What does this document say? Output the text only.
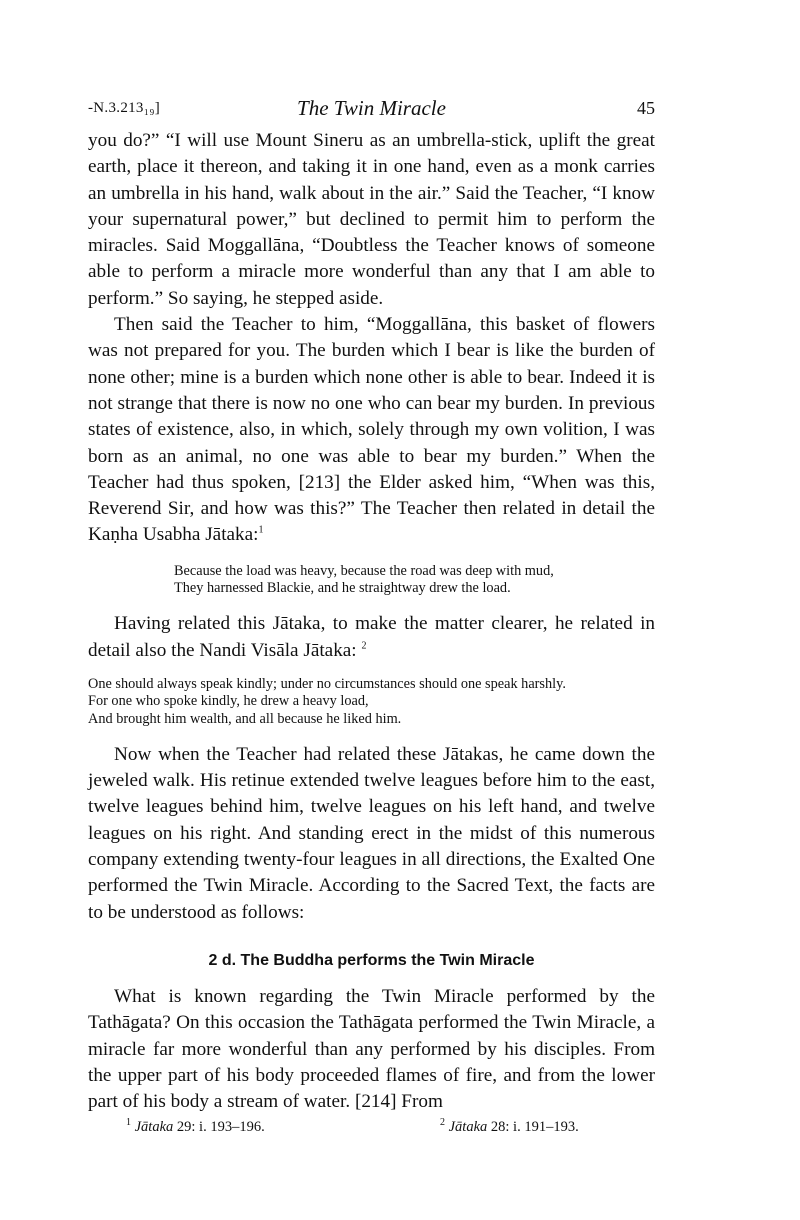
-N.3.213₁₉]	The Twin Miracle	45

you do?” “I will use Mount Sineru as an umbrella-stick, uplift the great earth, place it thereon, and taking it in one hand, even as a monk carries an umbrella in his hand, walk about in the air.” Said the Teacher, “I know your supernatural power,” but declined to permit him to perform the miracles. Said Moggallāna, “Doubtless the Teacher knows of someone able to perform a miracle more wonderful than any that I am able to perform.” So saying, he stepped aside.

Then said the Teacher to him, “Moggallāna, this basket of flowers was not prepared for you. The burden which I bear is like the burden of none other; mine is a burden which none other is able to bear. Indeed it is not strange that there is now no one who can bear my burden. In previous states of existence, also, in which, solely through my own volition, I was born as an animal, no one was able to bear my burden.” When the Teacher had thus spoken, [213] the Elder asked him, “When was this, Reverend Sir, and how was this?” The Teacher then related in detail the Kaṇha Usabha Jātaka:$^1$

Because the load was heavy, because the road was deep with mud,
They harnessed Blackie, and he straightway drew the load.

Having related this Jātaka, to make the matter clearer, he related in detail also the Nandi Visāla Jātaka: $^2$

One should always speak kindly; under no circumstances should one speak harshly.
For one who spoke kindly, he drew a heavy load,
And brought him wealth, and all because he liked him.

Now when the Teacher had related these Jātakas, he came down the jeweled walk. His retinue extended twelve leagues before him to the east, twelve leagues behind him, twelve leagues on his left hand, and twelve leagues on his right. And standing erect in the midst of this numerous company extending twenty-four leagues in all directions, the Exalted One performed the Twin Miracle. According to the Sacred Text, the facts are to be understood as follows:

2 d. The Buddha performs the Twin Miracle

What is known regarding the Twin Miracle performed by the Tathāgata? On this occasion the Tathāgata performed the Twin Miracle, a miracle far more wonderful than any performed by his disciples. From the upper part of his body proceeded flames of fire, and from the lower part of his body a stream of water. [214] From

$^1$ Jātaka 29: i. 193–196.	$^2$ Jātaka 28: i. 191–193.
